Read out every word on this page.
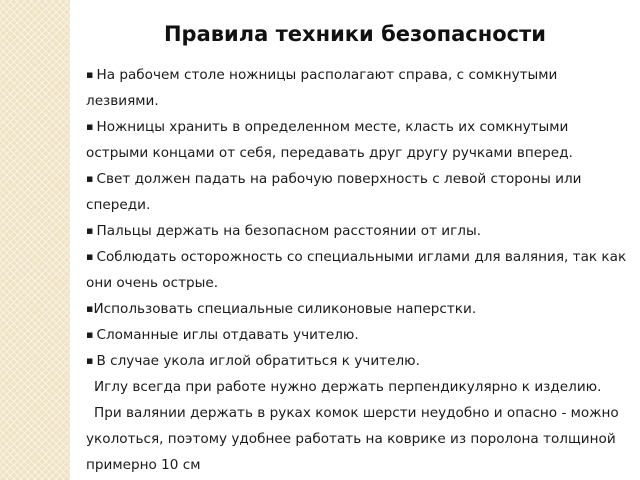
Правила техники безопасности

▪ На рабочем столе ножницы располагают справа, с сомкнутыми лезвиями.

▪ Ножницы хранить в определенном месте, класть их сомкнутыми острыми концами от себя, передавать друг другу ручками вперед.

▪ Свет должен падать на рабочую поверхность с левой стороны или спереди.

▪ Пальцы держать на безопасном расстоянии от иглы.

▪ Соблюдать осторожность со специальными иглами для валяния, так как они очень острые.

▪Использовать специальные силиконовые наперстки.

▪ Сломанные иглы отдавать учителю.

▪ В случае укола иглой обратиться к учителю.

Иглу всегда при работе нужно держать перпендикулярно к изделию.

При валянии держать в руках комок шерсти неудобно и опасно - можно уколоться, поэтому удобнее работать на коврике из поролона толщиной примерно 10 см
